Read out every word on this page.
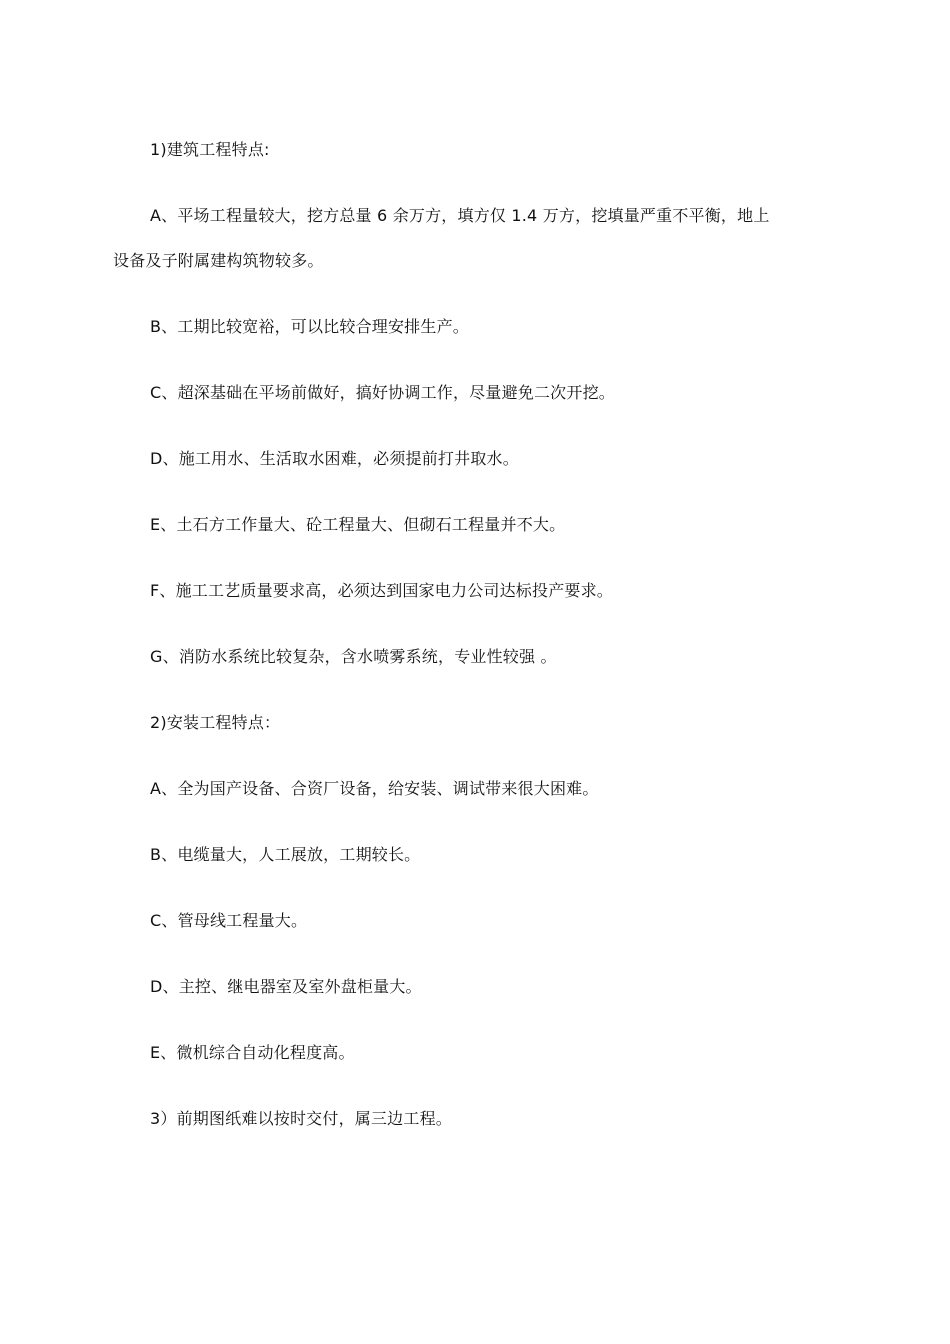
1)建筑工程特点:

A、平场工程量较大，挖方总量 6 余万方，填方仅 1.4 万方，挖填量严重不平衡，地上

设备及子附属建构筑物较多。

B、工期比较宽裕，可以比较合理安排生产。

C、超深基础在平场前做好，搞好协调工作，尽量避免二次开挖。

D、施工用水、生活取水困难，必须提前打井取水。

E、土石方工作量大、砼工程量大、但砌石工程量并不大。

F、施工工艺质量要求高，必须达到国家电力公司达标投产要求。

G、消防水系统比较复杂，含水喷雾系统，专业性较强 。

2)安装工程特点：

A、全为国产设备、合资厂设备，给安装、调试带来很大困难。

B、电缆量大，人工展放，工期较长。

C、管母线工程量大。

D、主控、继电器室及室外盘柜量大。

E、微机综合自动化程度高。

3）前期图纸难以按时交付，属三边工程。
